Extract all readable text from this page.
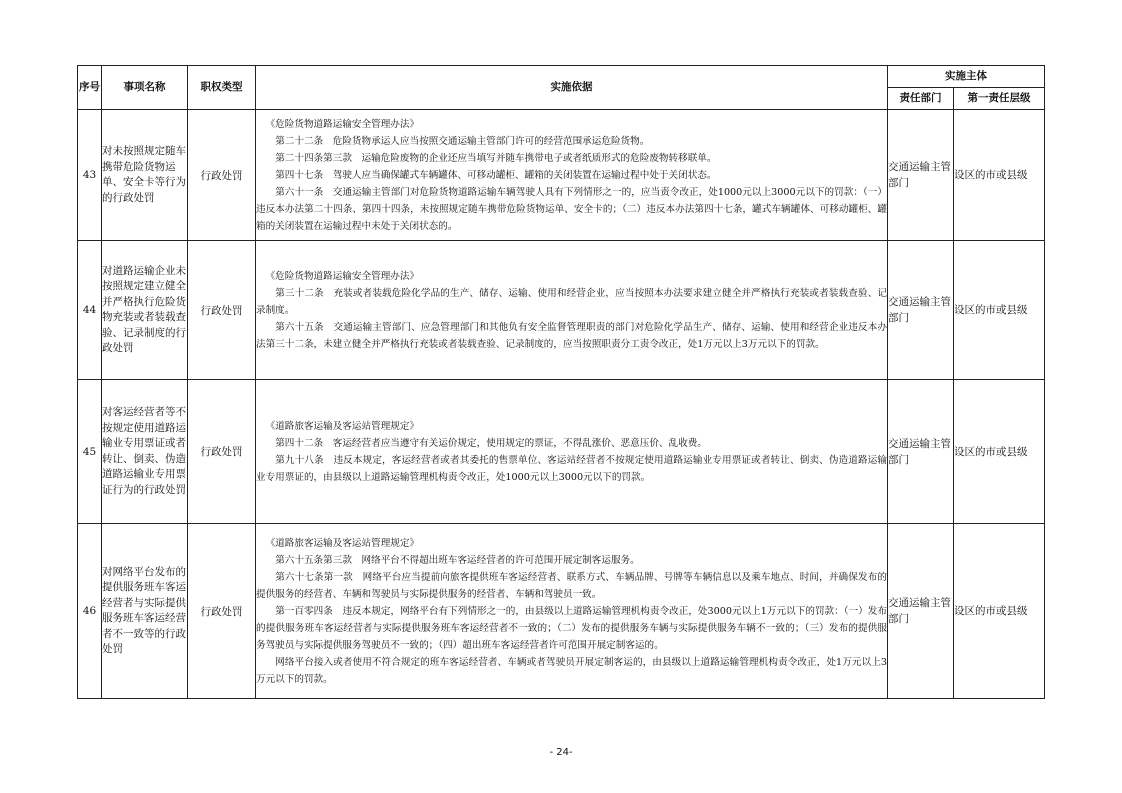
序号	事项名称	职权类型	实施依据	实施主体	
				责任部门	第一责任层级
43	对未按照规定随车携带危险货物运单、安全卡等行为的行政处罚	行政处罚	《危险货物道路运输安全管理办法》
第二十二条　危险货物承运人应当按照交通运输主管部门许可的经营范围承运危险货物。
第二十四条第三款　运输危险废物的企业还应当填写并随车携带电子或者纸质形式的危险废物转移联单。
第四十七条　驾驶人应当确保罐式车辆罐体、可移动罐柜、罐箱的关闭装置在运输过程中处于关闭状态。
第六十一条　交通运输主管部门对危险货物道路运输车辆驾驶人具有下列情形之一的，应当责令改正，处1000元以上3000元以下的罚款：（一）违反本办法第二十四条、第四十四条，未按照规定随车携带危险货物运单、安全卡的；（二）违反本办法第四十七条，罐式车辆罐体、可移动罐柜、罐箱的关闭装置在运输过程中未处于关闭状态的。	交通运输主管部门	设区的市或县级
44	对道路运输企业未按照规定建立健全并严格执行危险货物充装或者装载查验、记录制度的行政处罚	行政处罚	《危险货物道路运输安全管理办法》
第三十二条　充装或者装载危险化学品的生产、储存、运输、使用和经营企业，应当按照本办法要求建立健全并严格执行充装或者装载查验、记录制度。
第六十五条　交通运输主管部门、应急管理部门和其他负有安全监督管理职责的部门对危险化学品生产、储存、运输、使用和经营企业违反本办法第三十二条，未建立健全并严格执行充装或者装载查验、记录制度的，应当按照职责分工责令改正，处1万元以上3万元以下的罚款。	交通运输主管部门	设区的市或县级
45	对客运经营者等不按规定使用道路运输业专用票证或者转让、倒卖、伪造道路运输业专用票证行为的行政处罚	行政处罚	《道路旅客运输及客运站管理规定》
第四十二条　客运经营者应当遵守有关运价规定，使用规定的票证，不得乱涨价、恶意压价、乱收费。
第九十八条　违反本规定，客运经营者或者其委托的售票单位、客运站经营者不按规定使用道路运输业专用票证或者转让、倒卖、伪造道路运输业专用票证的，由县级以上道路运输管理机构责令改正，处1000元以上3000元以下的罚款。	交通运输主管部门	设区的市或县级
46	对网络平台发布的提供服务班车客运经营者与实际提供服务班车客运经营者不一致等的行政处罚	行政处罚	《道路旅客运输及客运站管理规定》
第六十五条第三款　网络平台不得超出班车客运经营者的许可范围开展定制客运服务。
第六十七条第一款　网络平台应当提前向旅客提供班车客运经营者、联系方式、车辆品牌、号牌等车辆信息以及乘车地点、时间，并确保发布的提供服务的经营者、车辆和驾驶员与实际提供服务的经营者、车辆和驾驶员一致。
第一百零四条　违反本规定，网络平台有下列情形之一的，由县级以上道路运输管理机构责令改正，处3000元以上1万元以下的罚款：（一）发布的提供服务班车客运经营者与实际提供服务班车客运经营者不一致的；（二）发布的提供服务车辆与实际提供服务车辆不一致的；（三）发布的提供服务驾驶员与实际提供服务驾驶员不一致的；（四）超出班车客运经营者许可范围开展定制客运的。
网络平台接入或者使用不符合规定的班车客运经营者、车辆或者驾驶员开展定制客运的，由县级以上道路运输管理机构责令改正，处1万元以上3万元以下的罚款。	交通运输主管部门	设区的市或县级
- 24-
